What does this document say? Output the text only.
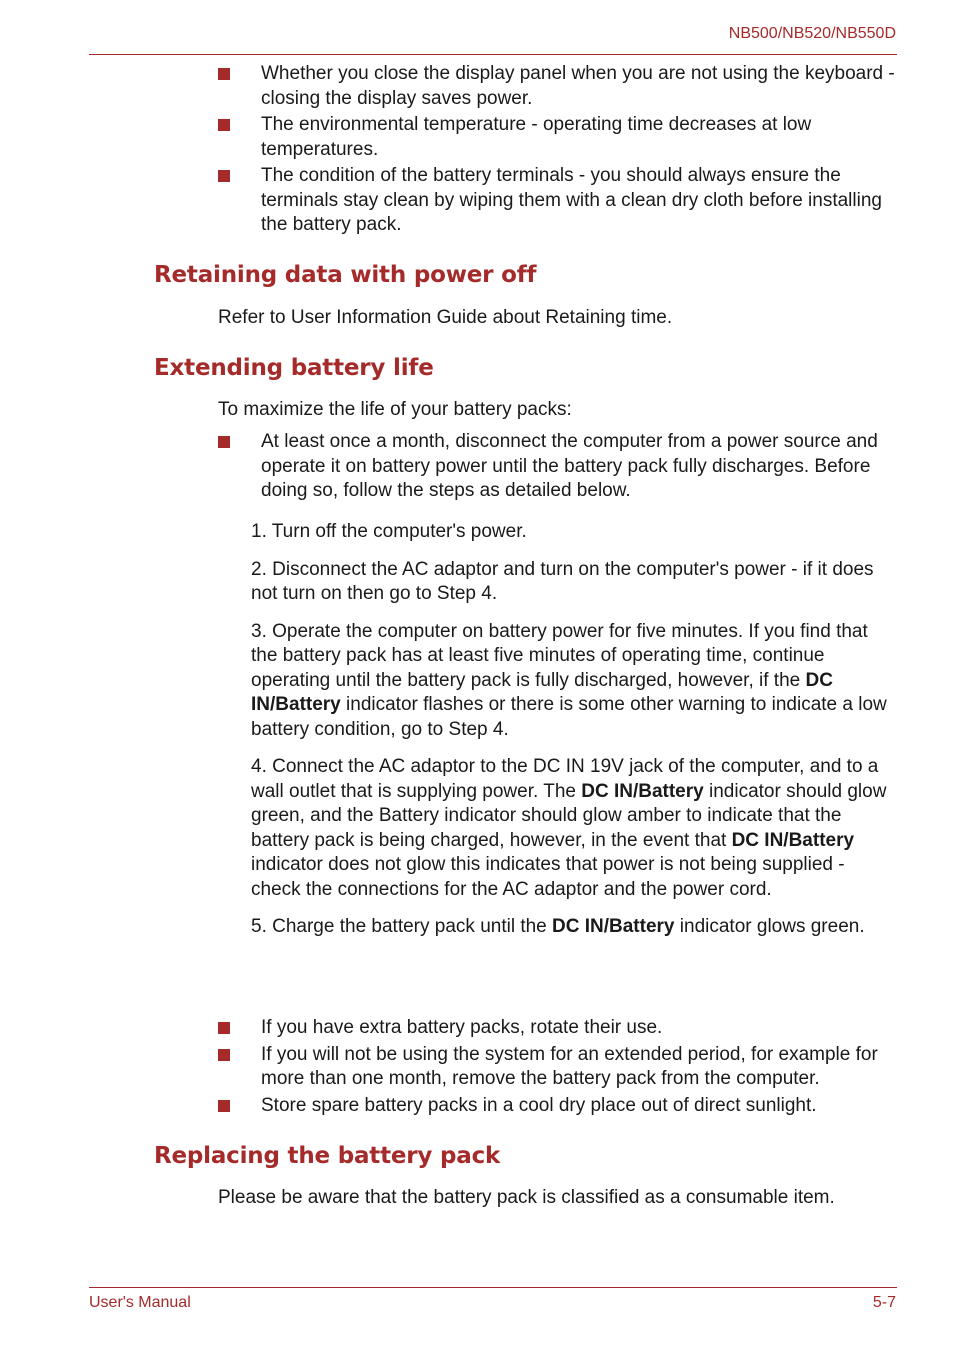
NB500/NB520/NB550D
Whether you close the display panel when you are not using the keyboard - closing the display saves power.
The environmental temperature - operating time decreases at low temperatures.
The condition of the battery terminals - you should always ensure the terminals stay clean by wiping them with a clean dry cloth before installing the battery pack.
Retaining data with power off

Refer to User Information Guide about Retaining time.

Extending battery life

To maximize the life of your battery packs:

At least once a month, disconnect the computer from a power source and operate it on battery power until the battery pack fully discharges. Before doing so, follow the steps as detailed below.

1. Turn off the computer's power.

2. Disconnect the AC adaptor and turn on the computer's power - if it does not turn on then go to Step 4.

3. Operate the computer on battery power for five minutes. If you find that the battery pack has at least five minutes of operating time, continue operating until the battery pack is fully discharged, however, if the DC IN/Battery indicator flashes or there is some other warning to indicate a low battery condition, go to Step 4.

4. Connect the AC adaptor to the DC IN 19V jack of the computer, and to a wall outlet that is supplying power. The DC IN/Battery indicator should glow green, and the Battery indicator should glow amber to indicate that the battery pack is being charged, however, in the event that DC IN/Battery indicator does not glow this indicates that power is not being supplied - check the connections for the AC adaptor and the power cord.

5. Charge the battery pack until the DC IN/Battery indicator glows green.

If you have extra battery packs, rotate their use.
If you will not be using the system for an extended period, for example for more than one month, remove the battery pack from the computer.
Store spare battery packs in a cool dry place out of direct sunlight.
Replacing the battery pack

Please be aware that the battery pack is classified as a consumable item.

User's Manual	5-7
